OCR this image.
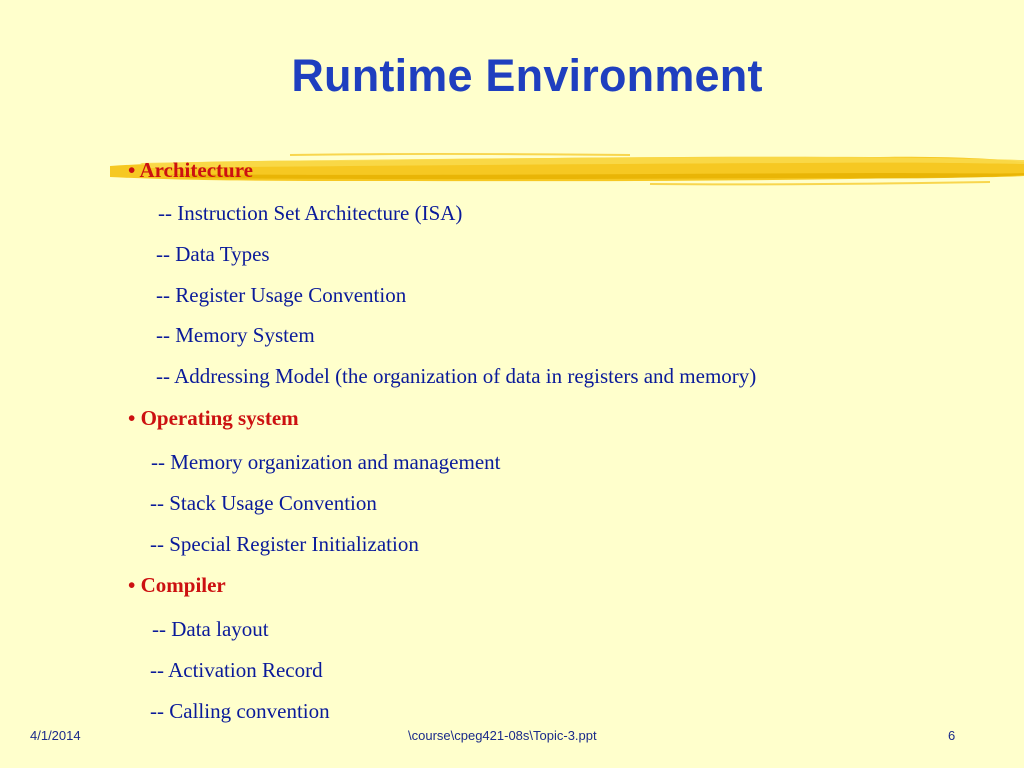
Runtime Environment
• Architecture
-- Instruction Set Architecture (ISA)
-- Data Types
-- Register Usage Convention
-- Memory System
-- Addressing Model (the organization of data in registers and memory)
• Operating system
-- Memory organization and management
-- Stack Usage Convention
-- Special Register Initialization
• Compiler
-- Data layout
-- Activation Record
-- Calling convention
4/1/2014	\course\cpeg421-08s\Topic-3.ppt	6
